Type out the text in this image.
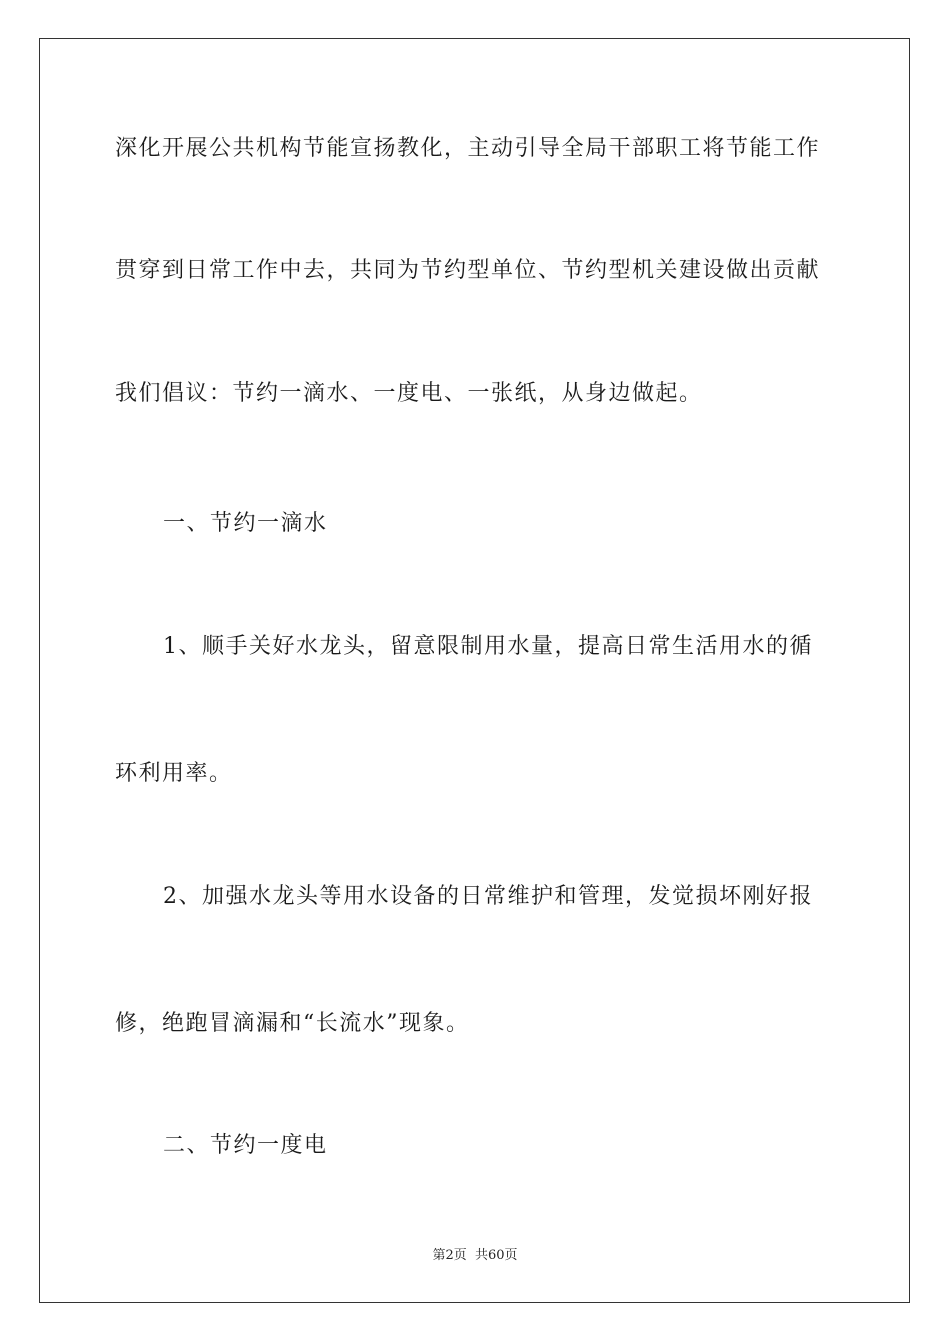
深化开展公共机构节能宣扬教化，主动引导全局干部职工将节能工作
贯穿到日常工作中去，共同为节约型单位、节约型机关建设做出贡献
我们倡议：节约一滴水、一度电、一张纸，从身边做起。
一、节约一滴水
1、顺手关好水龙头，留意限制用水量，提高日常生活用水的循
环利用率。
2、加强水龙头等用水设备的日常维护和管理，发觉损坏刚好报
修，绝跑冒滴漏和“长流水”现象。
二、节约一度电
第2页 共60页
